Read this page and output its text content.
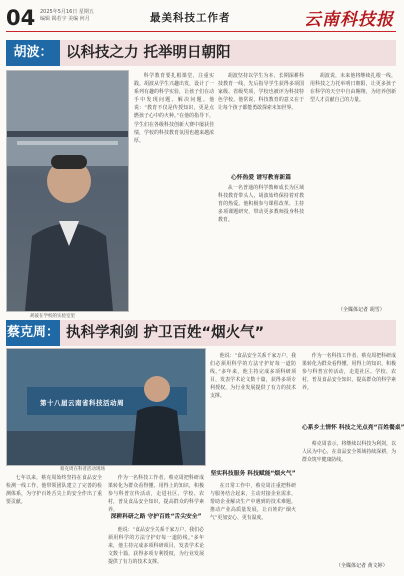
04 2025年5月16日 星期五
编辑 揭若宇 美编 何月	最美科技工作者	云南科技报
胡波： 以科技之力 托举明日朝阳
胡波在学校的实验室里
科学教育要扎根课堂，注重实践。胡波从学生兴趣出发，设计了一系列有趣的科学实验，让孩子们在动手中发现问题、解决问题。他说：“教育不仅是传授知识，更是点燃孩子心中的火种。”在他的指导下，学生们在各级科技创新大赛中屡获佳绩，学校的科技教育氛围也越来越浓厚。
胡波坚持以学生为本，长期深耕科技教育一线，先后指导学生获得多项国家级、省级奖项，学校也被评为科技特色学校。他常说，科技教育的意义在于让每个孩子都能勇敢探索未知世界。
心怀热爱 谱写教育新篇
从一名普通的科学教师成长为区域科技教育带头人，胡波始终保持着对教育的热爱。他积极参与课程改革，主持多项课题研究，带动更多教师投身科技教育。
胡波说，未来他将继续扎根一线，用科技之力托举明日朝阳，让更多孩子在科学的天空中自由翱翔，为培养创新型人才贡献自己的力量。
（全媒体记者 胡雪）
蔡克周： 执科学利剑 护卫百姓“烟火气”
第十八届云南省科技活动周
蔡克周在科普活动现场
七年以来，蔡克周始终坚持在食品安全检测一线工作，他带领团队建立了完善的检测体系，为守护百姓舌尖上的安全作出了重要贡献。
作为一名科技工作者，蔡克周把科研成果转化为群众看得懂、用得上的知识，积极参与科普宣传活动，走进社区、学校、农村，普及食品安全知识，提高群众的科学素养。
深耕科研之路 守护百姓“舌尖安全”
他说：“食品安全关系千家万户，我们必须用科学的方法守护好每一道防线。”多年来，他主持完成多项科研项目，发表学术论文数十篇，获得多项专利授权，为行业发展提供了有力的技术支撑。
他说：“食品安全关系千家万户，我们必须用科学的方法守护好每一道防线。”多年来，他主持完成多项科研项目，发表学术论文数十篇，获得多项专利授权，为行业发展提供了有力的技术支撑。
坚实科技服务 科技赋能“烟火气”
在日常工作中，蔡克周注重把科研与服务结合起来，主动对接企业需求，帮助企业解决生产中遇到的技术难题，推动产业高质量发展，让百姓的“烟火气”更加安心、更有温度。
作为一名科技工作者，蔡克周把科研成果转化为群众看得懂、用得上的知识，积极参与科普宣传活动，走进社区、学校、农村，普及食品安全知识，提高群众的科学素养。
心系乡土情怀 科技之光点亮“百姓餐桌”
蔡克周表示，将继续以科技为利剑，以人民为中心，在食品安全领域持续深耕，为群众筑牢健康防线。
（全媒体记者 黄文婷）
